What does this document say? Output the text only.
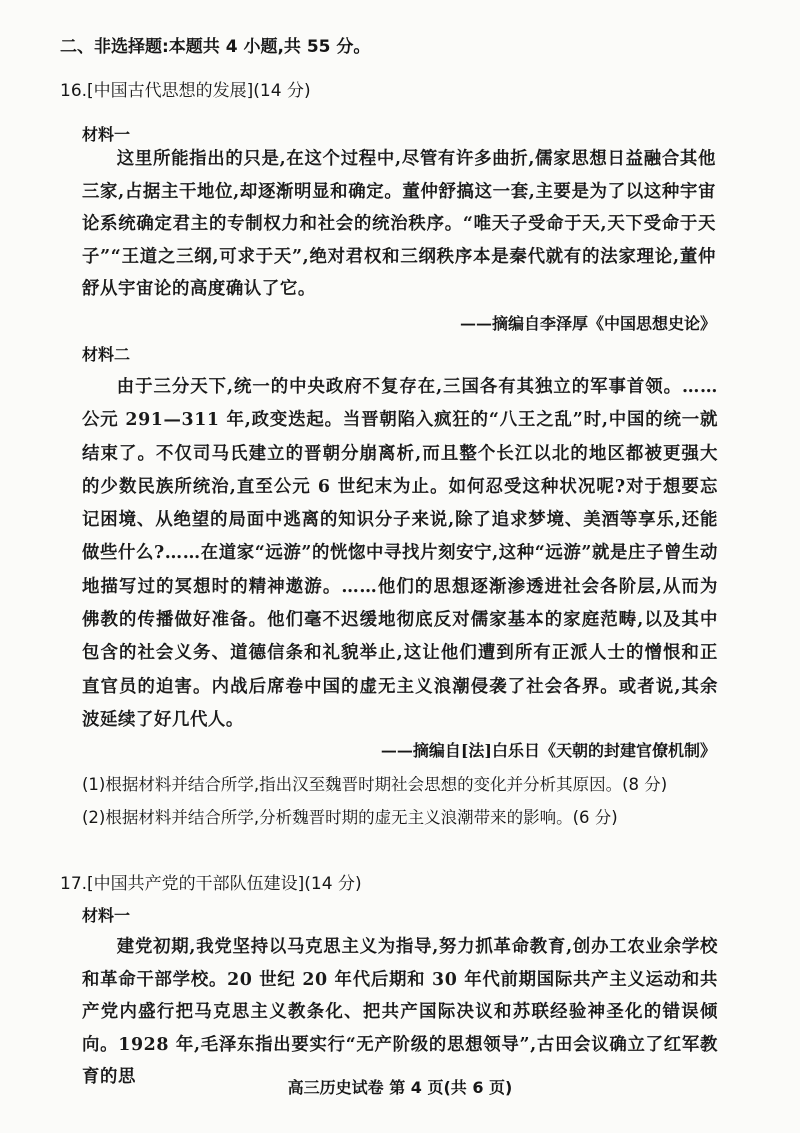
二、非选择题:本题共 4 小题,共 55 分。
16.[中国古代思想的发展](14 分)
材料一
这里所能指出的只是,在这个过程中,尽管有许多曲折,儒家思想日益融合其他三家,占据主干地位,却逐渐明显和确定。董仲舒搞这一套,主要是为了以这种宇宙论系统确定君主的专制权力和社会的统治秩序。“唯天子受命于天,天下受命于天子”“王道之三纲,可求于天”,绝对君权和三纲秩序本是秦代就有的法家理论,董仲舒从宇宙论的高度确认了它。
——摘编自李泽厚《中国思想史论》
材料二
由于三分天下,统一的中央政府不复存在,三国各有其独立的军事首领。……公元 291—311 年,政变迭起。当晋朝陷入疯狂的“八王之乱”时,中国的统一就结束了。不仅司马氏建立的晋朝分崩离析,而且整个长江以北的地区都被更强大的少数民族所统治,直至公元 6 世纪末为止。如何忍受这种状况呢?对于想要忘记困境、从绝望的局面中逃离的知识分子来说,除了追求梦境、美酒等享乐,还能做些什么?……在道家“远游”的恍惚中寻找片刻安宁,这种“远游”就是庄子曾生动地描写过的冥想时的精神遨游。……他们的思想逐渐渗透进社会各阶层,从而为佛教的传播做好准备。他们毫不迟缓地彻底反对儒家基本的家庭范畴,以及其中包含的社会义务、道德信条和礼貌举止,这让他们遭到所有正派人士的憎恨和正直官员的迫害。内战后席卷中国的虚无主义浪潮侵袭了社会各界。或者说,其余波延续了好几代人。
——摘编自[法]白乐日《天朝的封建官僚机制》
(1)根据材料并结合所学,指出汉至魏晋时期社会思想的变化并分析其原因。(8 分)
(2)根据材料并结合所学,分析魏晋时期的虚无主义浪潮带来的影响。(6 分)
17.[中国共产党的干部队伍建设](14 分)
材料一
建党初期,我党坚持以马克思主义为指导,努力抓革命教育,创办工农业余学校和革命干部学校。20 世纪 20 年代后期和 30 年代前期国际共产主义运动和共产党内盛行把马克思主义教条化、把共产国际决议和苏联经验神圣化的错误倾向。1928 年,毛泽东指出要实行“无产阶级的思想领导”,古田会议确立了红军教育的思
高三历史试卷 第 4 页(共 6 页)
